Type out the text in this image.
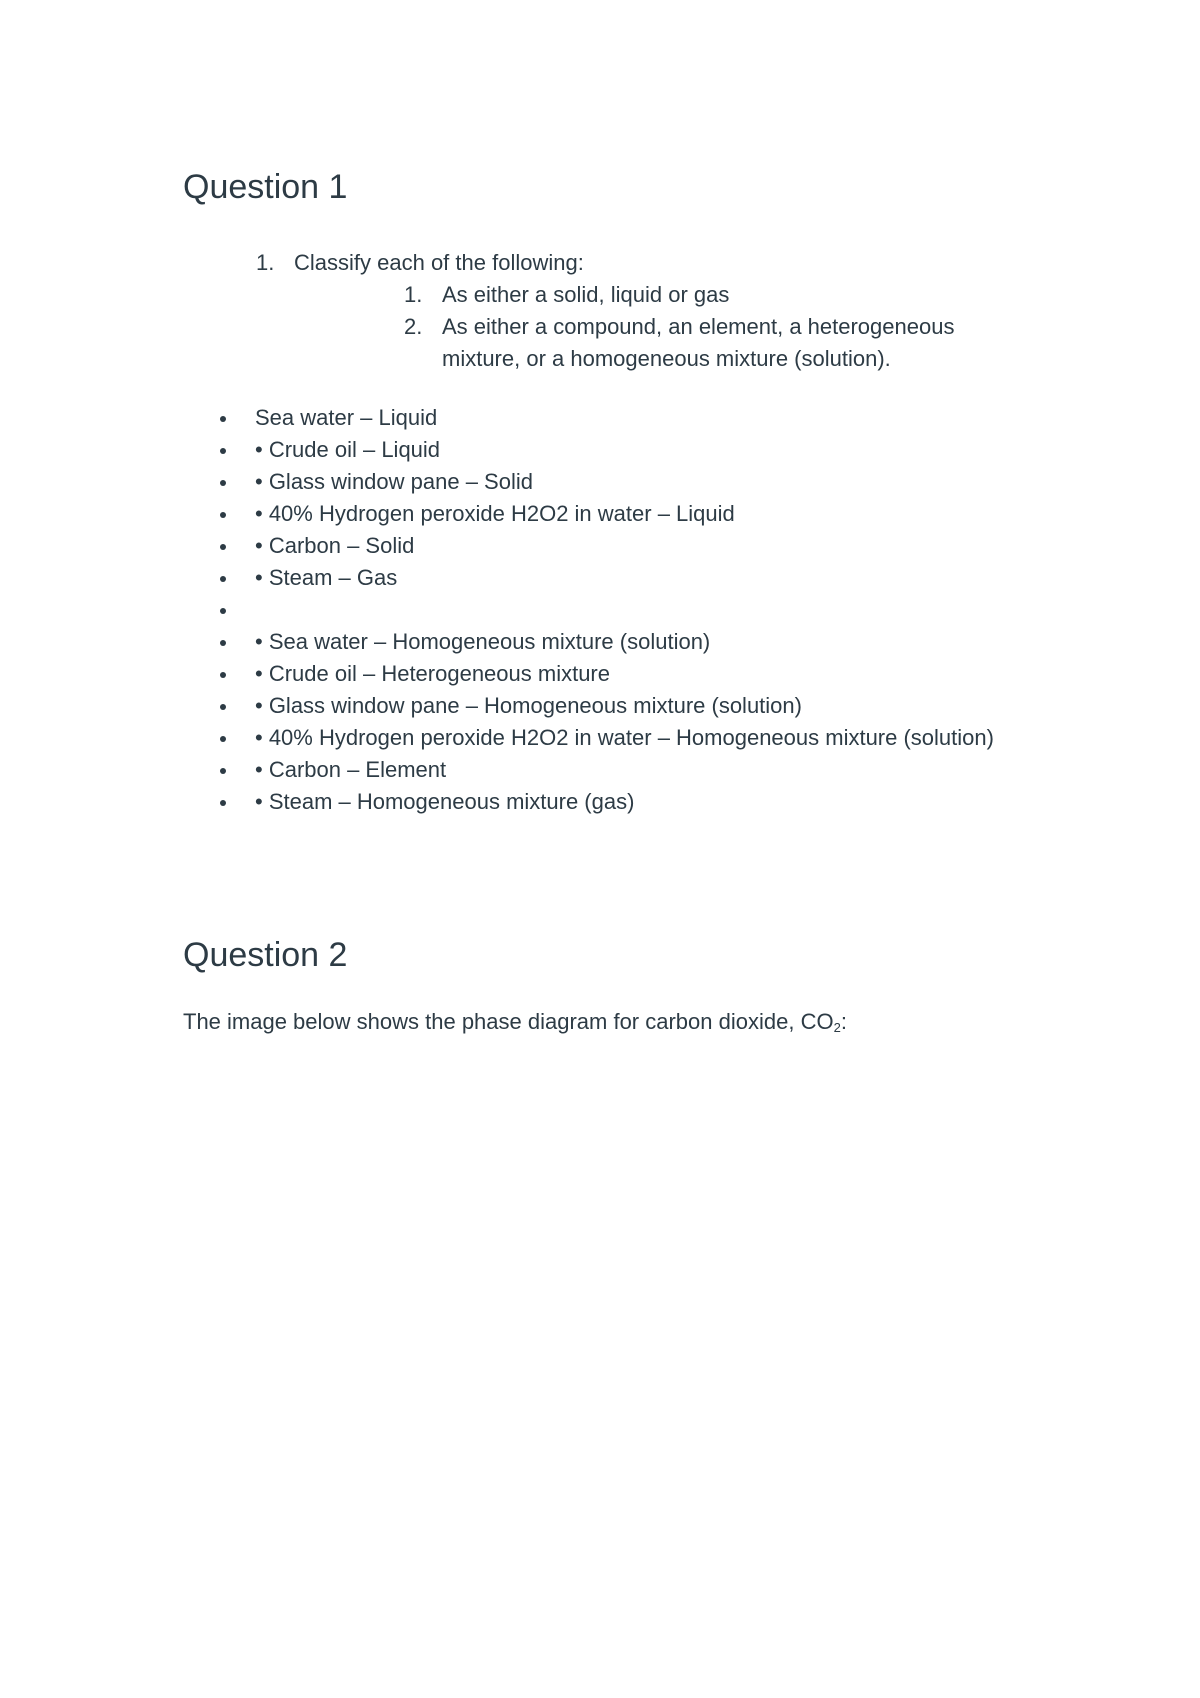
Question 1
1. Classify each of the following:
1. As either a solid, liquid or gas
2. As either a compound, an element, a heterogeneous mixture, or a homogeneous mixture (solution).
Sea water – Liquid
• Crude oil – Liquid
• Glass window pane – Solid
• 40% Hydrogen peroxide H2O2 in water – Liquid
• Carbon – Solid
• Steam – Gas
• Sea water – Homogeneous mixture (solution)
• Crude oil – Heterogeneous mixture
• Glass window pane – Homogeneous mixture (solution)
• 40% Hydrogen peroxide H2O2 in water – Homogeneous mixture (solution)
• Carbon – Element
• Steam – Homogeneous mixture (gas)
Question 2

The image below shows the phase diagram for carbon dioxide, CO2:
